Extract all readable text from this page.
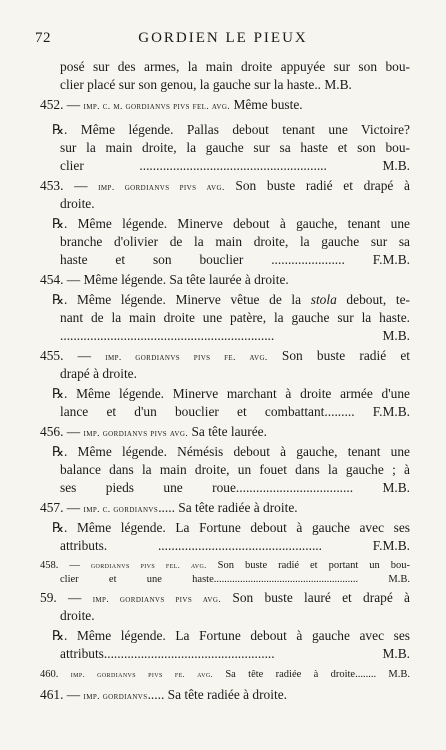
72	GORDIEN LE PIEUX
posé sur des armes, la main droite appuyée sur son bou-
clier placé sur son genou, la gauche sur la haste.. M.B.
452. — imp. c. m. gordianvs pivs fel. avg. Même buste.
℞. Même légende. Pallas debout tenant une Victoire?
sur la main droite, la gauche sur sa haste et son bou-
clier ........................................................ M.B.
453. — imp. gordianvs pivs avg. Son buste radié et drapé à
droite.
℞. Même légende. Minerve debout à gauche, tenant une
branche d'olivier de la main droite, la gauche sur sa
haste et son bouclier ...................... F.M.B.
454. — Même légende. Sa tête laurée à droite.
℞. Même légende. Minerve vêtue de la stola debout, te-
nant de la main droite une patère, la gauche sur la haste.
................................................................ M.B.
455. — imp. gordianvs pivs fe. avg. Son buste radié et
drapé à droite.
℞. Même légende. Minerve marchant à droite armée d'une
lance et d'un bouclier et combattant......... F.M.B.
456. — imp. gordianvs pivs avg. Sa tête laurée.
℞. Même légende. Némésis debout à gauche, tenant une
balance dans la main droite, un fouet dans la gauche ; à
ses pieds une roue................................... M.B.
457. — imp. c. gordianvs..... Sa tête radiée à droite.
℞. Même légende. La Fortune debout à gauche avec ses
attributs. ................................................. F.M.B.
458. — gordianvs pivs fel. avg. Son buste radié et portant un bou-
clier et une haste....................................................... M.B.
59. — imp. gordianvs pivs avg. Son buste lauré et drapé à
droite.
℞. Même légende. La Fortune debout à gauche avec ses
attributs................................................... M.B.
460. imp. gordianvs pivs fe. avg. Sa tête radiée à droite........ M.B.
461. — imp. gordianvs..... Sa tête radiée à droite.
